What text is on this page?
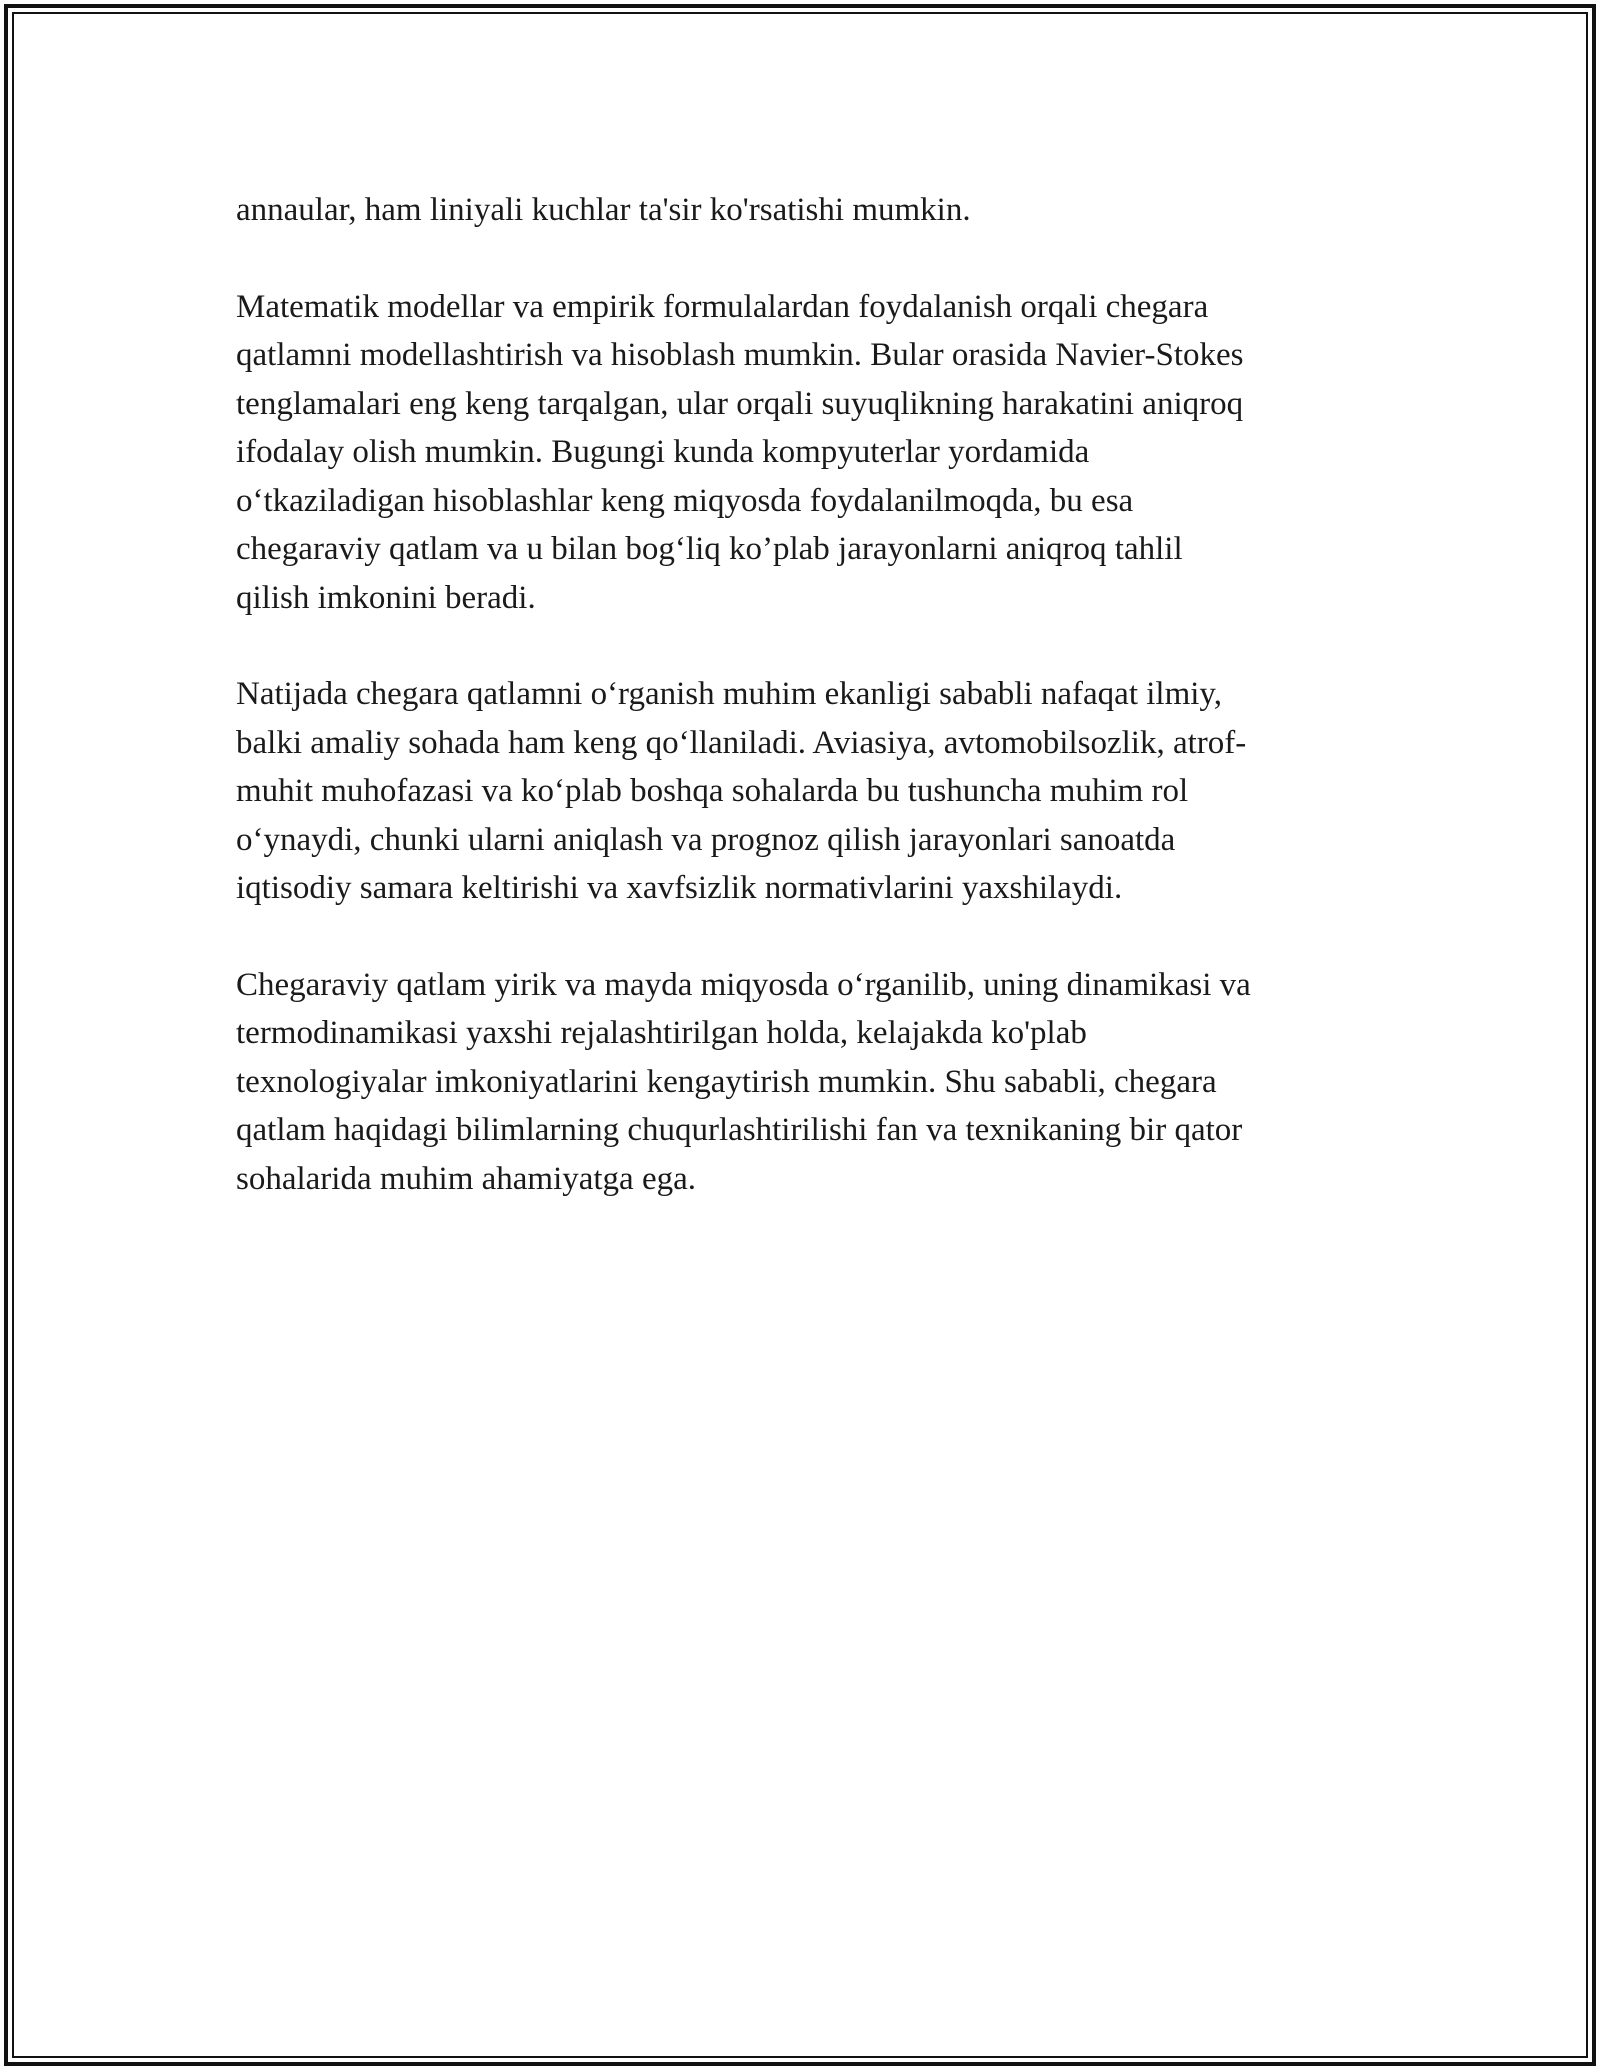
annaular, ham liniyali kuchlar ta'sir ko'rsatishi mumkin.

Matematik modellar va empirik formulalardan foydalanish orqali chegara
qatlamni modellashtirish va hisoblash mumkin. Bular orasida Navier-Stokes
tenglamalari eng keng tarqalgan, ular orqali suyuqlikning harakatini aniqroq
ifodalay olish mumkin. Bugungi kunda kompyuterlar yordamida
o‘tkaziladigan hisoblashlar keng miqyosda foydalanilmoqda, bu esa
chegaraviy qatlam va u bilan bog‘liq ko’plab jarayonlarni aniqroq tahlil
qilish imkonini beradi.

Natijada chegara qatlamni o‘rganish muhim ekanligi sababli nafaqat ilmiy,
balki amaliy sohada ham keng qo‘llaniladi. Aviasiya, avtomobilsozlik, atrof-
muhit muhofazasi va ko‘plab boshqa sohalarda bu tushuncha muhim rol
o‘ynaydi, chunki ularni aniqlash va prognoz qilish jarayonlari sanoatda
iqtisodiy samara keltirishi va xavfsizlik normativlarini yaxshilaydi.

Chegaraviy qatlam yirik va mayda miqyosda o‘rganilib, uning dinamikasi va
termodinamikasi yaxshi rejalashtirilgan holda, kelajakda ko'plab
texnologiyalar imkoniyatlarini kengaytirish mumkin. Shu sababli, chegara
qatlam haqidagi bilimlarning chuqurlashtirilishi fan va texnikaning bir qator
sohalarida muhim ahamiyatga ega.
